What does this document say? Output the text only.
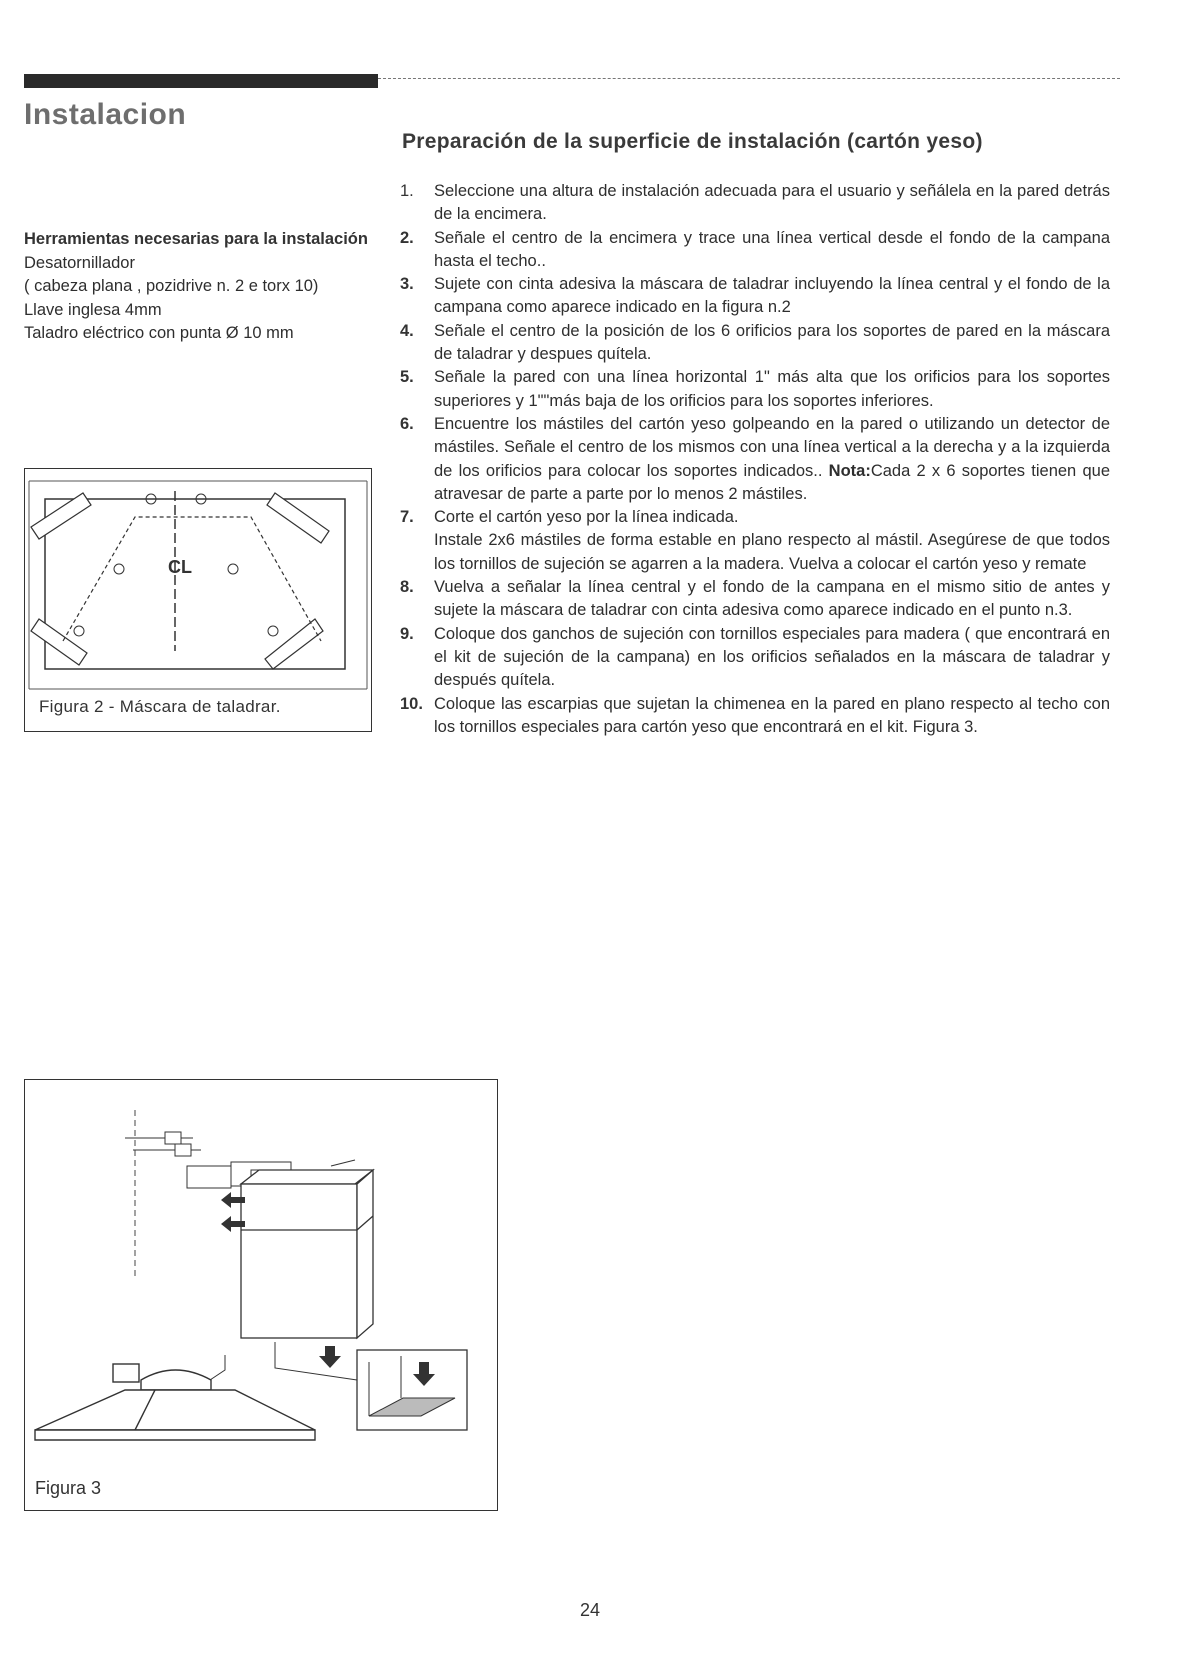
Instalacion
Preparación de la superficie de instalación (cartón yeso)
Herramientas necesarias para la instalación
Desatornillador
( cabeza plana , pozidrive n. 2 e torx 10)
Llave inglesa 4mm
Taladro eléctrico con punta Ø 10 mm
1. Seleccione una altura de instalación adecuada para el usuario y señálela en la pared detrás de la encimera.
2. Señale el centro de la encimera y trace una línea vertical desde el fondo de la campana hasta el techo..
3. Sujete con cinta adesiva la máscara de taladrar incluyendo la línea central y el fondo de la campana como aparece indicado en la figura n.2
4. Señale el centro de la posición de los 6 orificios para los soportes de pared en la máscara de taladrar y despues quítela.
5. Señale la pared con una línea horizontal 1" más alta que los orificios para los soportes superiores y 1""más baja de los orificios para los soportes inferiores.
6. Encuentre los mástiles del cartón yeso golpeando en la pared o utilizando un detector de mástiles. Señale el centro de los mismos con una línea vertical a la derecha y a la izquierda de los orificios para colocar los soportes indicados.. Nota:Cada 2 x 6 soportes tienen que atravesar de parte a parte por lo menos 2 mástiles.
7. Corte el cartón yeso por la línea indicada.

Instale 2x6 mástiles de forma estable en plano respecto al mástil. Asegúrese de que todos los tornillos de sujeción se agarren a la madera. Vuelva a colocar el cartón yeso y remate

8. Vuelva a señalar la línea central y el fondo de la campana en el mismo sitio de antes y sujete la máscara de taladrar con cinta adesiva como aparece indicado en el punto n.3.
9. Coloque dos ganchos de sujeción con tornillos especiales para madera ( que encontrará en el kit de sujeción de la campana) en los orificios señalados en la máscara de taladrar y después quítela.
10. Coloque las escarpias que sujetan la chimenea en la pared en plano respecto al techo con los tornillos especiales para cartón yeso que encontrará en el kit. Figura 3.
CL
Figura 2 - Máscara de taladrar.
Figura 3
24
